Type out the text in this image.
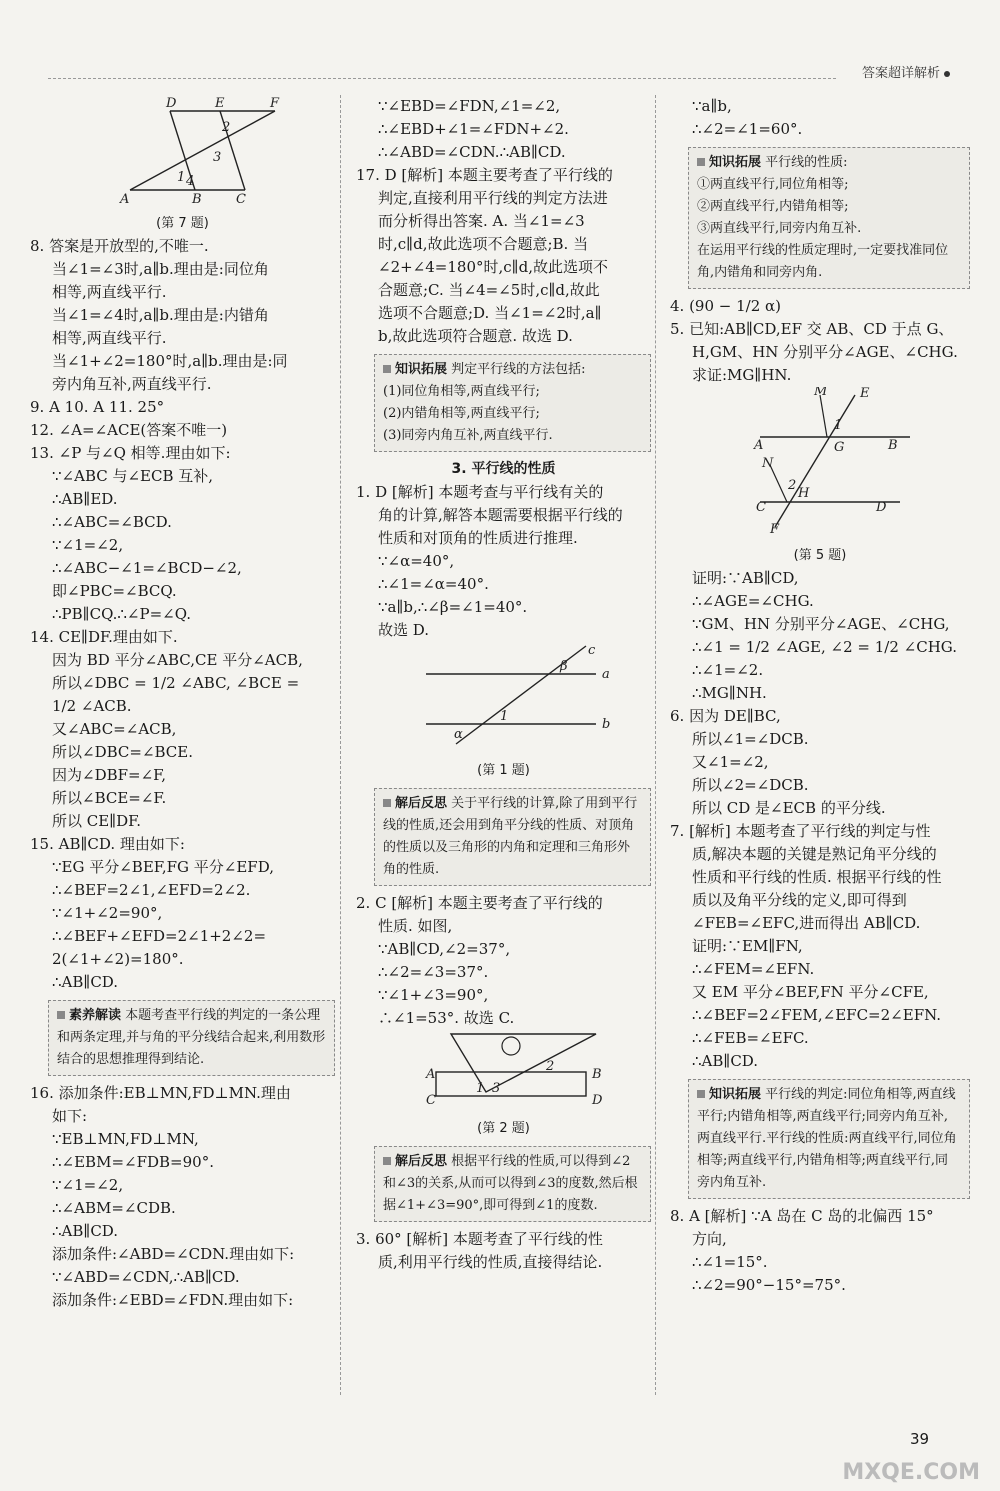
答案超详解析
D	E	F
A	B	C
2
3
1 4

(第 7 题)

8. 答案是开放型的,不唯一.

当∠1=∠3时,a∥b.理由是:同位角

相等,两直线平行.

当∠1=∠4时,a∥b.理由是:内错角

相等,两直线平行.

当∠1+∠2=180°时,a∥b.理由是:同

旁内角互补,两直线平行.

9. A 10. A 11. 25°

12. ∠A=∠ACE(答案不唯一)

13. ∠P 与∠Q 相等.理由如下:

∵∠ABC 与∠ECB 互补,

∴AB∥ED.

∴∠ABC=∠BCD.

∵∠1=∠2,

∴∠ABC−∠1=∠BCD−∠2,

即∠PBC=∠BCQ.

∴PB∥CQ.∴∠P=∠Q.

14. CE∥DF.理由如下.

因为 BD 平分∠ABC,CE 平分∠ACB,

所以∠DBC = 1/2 ∠ABC, ∠BCE =

1/2 ∠ACB.

又∠ABC=∠ACB,

所以∠DBC=∠BCE.

因为∠DBF=∠F,

所以∠BCE=∠F.

所以 CE∥DF.

15. AB∥CD. 理由如下:

∵EG 平分∠BEF,FG 平分∠EFD,

∴∠BEF=2∠1,∠EFD=2∠2.

∵∠1+∠2=90°,

∴∠BEF+∠EFD=2∠1+2∠2=

2(∠1+∠2)=180°.

∴AB∥CD.

素养解读 本题考查平行线的判定的一条公理和两条定理,并与角的平分线结合起来,利用数形结合的思想推理得到结论.

16. 添加条件:EB⊥MN,FD⊥MN.理由

如下:

∵EB⊥MN,FD⊥MN,

∴∠EBM=∠FDB=90°.

∵∠1=∠2,

∴∠ABM=∠CDB.

∴AB∥CD.

添加条件:∠ABD=∠CDN.理由如下:

∵∠ABD=∠CDN,∴AB∥CD.

添加条件:∠EBD=∠FDN.理由如下:

∵∠EBD=∠FDN,∠1=∠2,

∴∠EBD+∠1=∠FDN+∠2.

∴∠ABD=∠CDN.∴AB∥CD.

17. D [解析] 本题主要考查了平行线的

判定,直接利用平行线的判定方法进

而分析得出答案. A. 当∠1=∠3

时,c∥d,故此选项不合题意;B. 当

∠2+∠4=180°时,c∥d,故此选项不

合题意;C. 当∠4=∠5时,c∥d,故此

选项不合题意;D. 当∠1=∠2时,a∥

b,故此选项符合题意. 故选 D.

知识拓展 判定平行线的方法包括:

(1)同位角相等,两直线平行;

(2)内错角相等,两直线平行;

(3)同旁内角互补,两直线平行.

3. 平行线的性质

1. D [解析] 本题考查与平行线有关的

角的计算,解答本题需要根据平行线的

性质和对顶角的性质进行推理.

∵∠α=40°,

∴∠1=∠α=40°.

∵a∥b,∴∠β=∠1=40°.

故选 D.

c
a
b
β
α
1

(第 1 题)

解后反思 关于平行线的计算,除了用到平行线的性质,还会用到角平分线的性质、对顶角的性质以及三角形的内角和定理和三角形外角的性质.

2. C [解析] 本题主要考查了平行线的

性质. 如图,

∵AB∥CD,∠2=37°,

∴∠2=∠3=37°.

∵∠1+∠3=90°,

∴∠1=53°. 故选 C.

A	B
C	D
1
2
3

(第 2 题)

解后反思 根据平行线的性质,可以得到∠2和∠3的关系,从而可以得到∠3的度数,然后根据∠1+∠3=90°,即可得到∠1的度数.

3. 60° [解析] 本题考查了平行线的性

质,利用平行线的性质,直接得结论.

∵a∥b,

∴∠2=∠1=60°.

知识拓展 平行线的性质:

①两直线平行,同位角相等;

②两直线平行,内错角相等;

③两直线平行,同旁内角互补.

在运用平行线的性质定理时,一定要找准同位角,内错角和同旁内角.

4. (90 − 1/2 α)

5. 已知:AB∥CD,EF 交 AB、CD 于点 G、

H,GM、HN 分别平分∠AGE、∠CHG.

求证:MG∥HN.

M	E
A	G	B
N
H
C	D
F
1
2

(第 5 题)

证明:∵AB∥CD,

∴∠AGE=∠CHG.

∵GM、HN 分别平分∠AGE、∠CHG,

∴∠1 = 1/2 ∠AGE, ∠2 = 1/2 ∠CHG.

∴∠1=∠2.

∴MG∥NH.

6. 因为 DE∥BC,

所以∠1=∠DCB.

又∠1=∠2,

所以∠2=∠DCB.

所以 CD 是∠ECB 的平分线.

7. [解析] 本题考查了平行线的判定与性

质,解决本题的关键是熟记角平分线的

性质和平行线的性质. 根据平行线的性

质以及角平分线的定义,即可得到

∠FEB=∠EFC,进而得出 AB∥CD.

证明:∵EM∥FN,

∴∠FEM=∠EFN.

又 EM 平分∠BEF,FN 平分∠CFE,

∴∠BEF=2∠FEM,∠EFC=2∠EFN.

∴∠FEB=∠EFC.

∴AB∥CD.

知识拓展 平行线的判定:同位角相等,两直线平行;内错角相等,两直线平行;同旁内角互补,两直线平行.平行线的性质:两直线平行,同位角相等;两直线平行,内错角相等;两直线平行,同旁内角互补.

8. A [解析] ∵A 岛在 C 岛的北偏西 15°

方向,

∴∠1=15°.

∴∠2=90°−15°=75°.

39
MXQE.COM
